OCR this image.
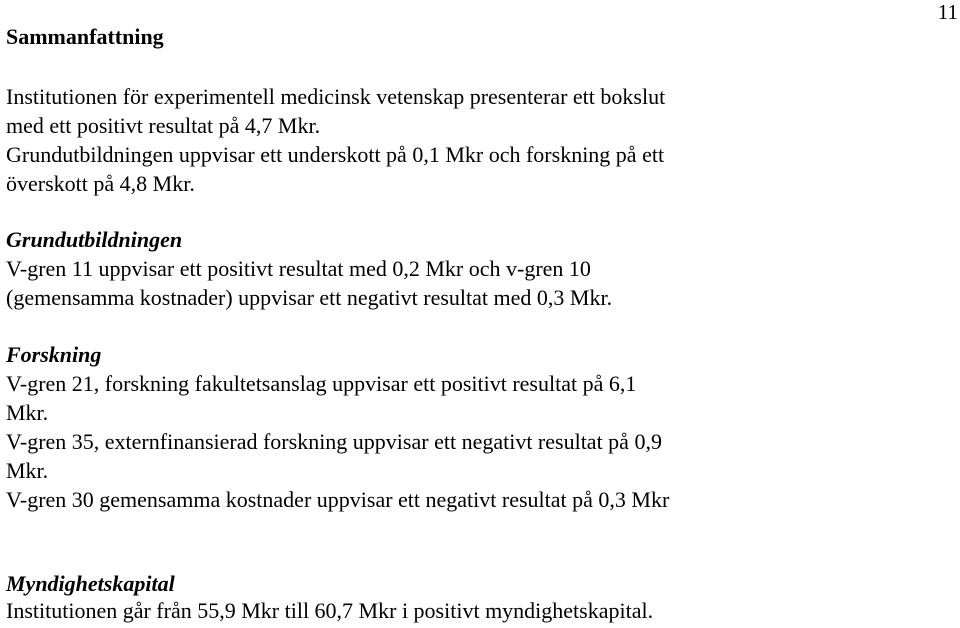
11
Sammanfattning
Institutionen för experimentell medicinsk vetenskap presenterar ett bokslut
med ett positivt resultat på 4,7 Mkr.
Grundutbildningen uppvisar ett underskott på 0,1 Mkr och forskning på ett
överskott på 4,8 Mkr.
Grundutbildningen
V-gren 11 uppvisar ett positivt resultat med 0,2 Mkr och v-gren 10
(gemensamma kostnader) uppvisar ett negativt resultat med 0,3 Mkr.
Forskning
V-gren 21, forskning fakultetsanslag uppvisar ett positivt resultat på 6,1
Mkr.
V-gren 35, externfinansierad forskning uppvisar ett negativt resultat på 0,9
Mkr.
V-gren 30 gemensamma kostnader uppvisar ett negativt resultat på 0,3 Mkr
Myndighetskapital
Institutionen går från 55,9 Mkr till 60,7 Mkr i positivt myndighetskapital.
